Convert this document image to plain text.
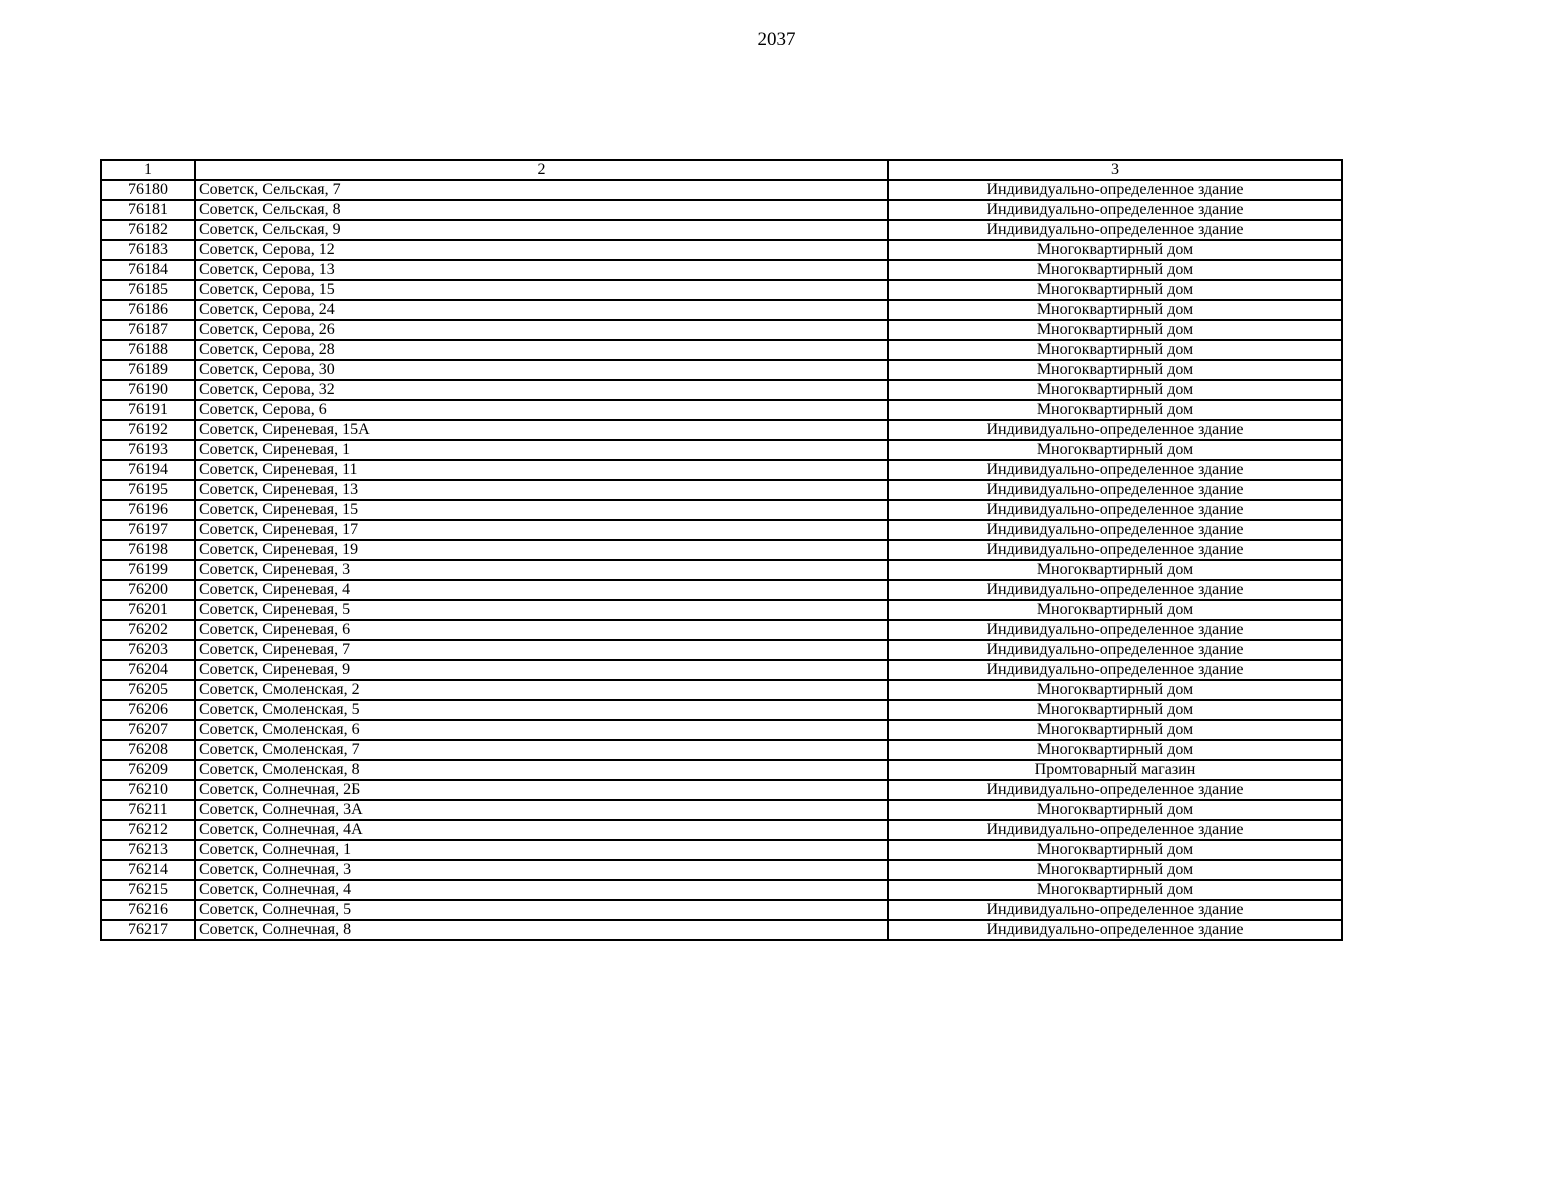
2037
1	2	3
76180	Советск, Сельская, 7	Индивидуально-определенное здание
76181	Советск, Сельская, 8	Индивидуально-определенное здание
76182	Советск, Сельская, 9	Индивидуально-определенное здание
76183	Советск, Серова, 12	Многоквартирный дом
76184	Советск, Серова, 13	Многоквартирный дом
76185	Советск, Серова, 15	Многоквартирный дом
76186	Советск, Серова, 24	Многоквартирный дом
76187	Советск, Серова, 26	Многоквартирный дом
76188	Советск, Серова, 28	Многоквартирный дом
76189	Советск, Серова, 30	Многоквартирный дом
76190	Советск, Серова, 32	Многоквартирный дом
76191	Советск, Серова, 6	Многоквартирный дом
76192	Советск, Сиреневая, 15А	Индивидуально-определенное здание
76193	Советск, Сиреневая, 1	Многоквартирный дом
76194	Советск, Сиреневая, 11	Индивидуально-определенное здание
76195	Советск, Сиреневая, 13	Индивидуально-определенное здание
76196	Советск, Сиреневая, 15	Индивидуально-определенное здание
76197	Советск, Сиреневая, 17	Индивидуально-определенное здание
76198	Советск, Сиреневая, 19	Индивидуально-определенное здание
76199	Советск, Сиреневая, 3	Многоквартирный дом
76200	Советск, Сиреневая, 4	Индивидуально-определенное здание
76201	Советск, Сиреневая, 5	Многоквартирный дом
76202	Советск, Сиреневая, 6	Индивидуально-определенное здание
76203	Советск, Сиреневая, 7	Индивидуально-определенное здание
76204	Советск, Сиреневая, 9	Индивидуально-определенное здание
76205	Советск, Смоленская, 2	Многоквартирный дом
76206	Советск, Смоленская, 5	Многоквартирный дом
76207	Советск, Смоленская, 6	Многоквартирный дом
76208	Советск, Смоленская, 7	Многоквартирный дом
76209	Советск, Смоленская, 8	Промтоварный магазин
76210	Советск, Солнечная, 2Б	Индивидуально-определенное здание
76211	Советск, Солнечная, 3А	Многоквартирный дом
76212	Советск, Солнечная, 4А	Индивидуально-определенное здание
76213	Советск, Солнечная, 1	Многоквартирный дом
76214	Советск, Солнечная, 3	Многоквартирный дом
76215	Советск, Солнечная, 4	Многоквартирный дом
76216	Советск, Солнечная, 5	Индивидуально-определенное здание
76217	Советск, Солнечная, 8	Индивидуально-определенное здание
